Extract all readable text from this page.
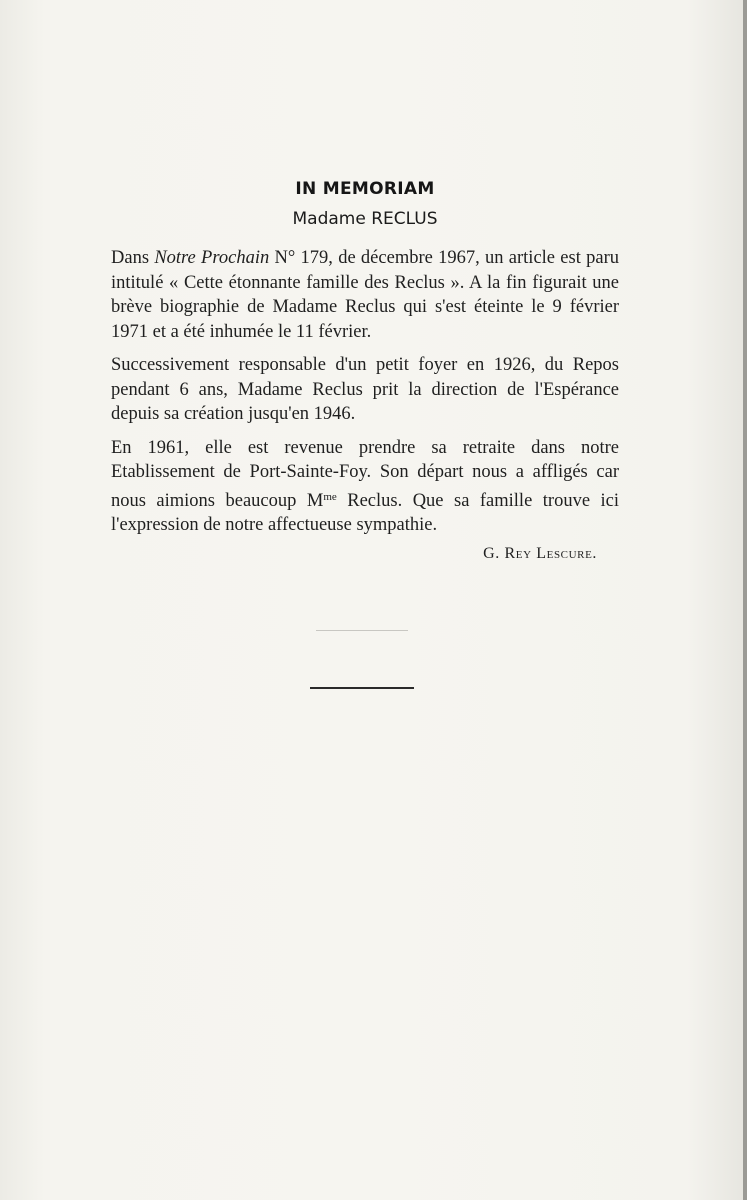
IN MEMORIAM

Madame RECLUS

Dans Notre Prochain N° 179, de décembre 1967, un article est paru intitulé « Cette étonnante famille des Reclus ». A la fin figurait une brève biographie de Madame Reclus qui s'est éteinte le 9 février 1971 et a été inhumée le 11 février.

Successivement responsable d'un petit foyer en 1926, du Repos pendant 6 ans, Madame Reclus prit la direction de l'Espérance depuis sa création jusqu'en 1946.

En 1961, elle est revenue prendre sa retraite dans notre Etablissement de Port-Sainte-Foy. Son départ nous a affligés car nous aimions beaucoup $M^{me}$ Reclus. Que sa famille trouve ici l'expression de notre affectueuse sympathie.

G. Rey Lescure.
